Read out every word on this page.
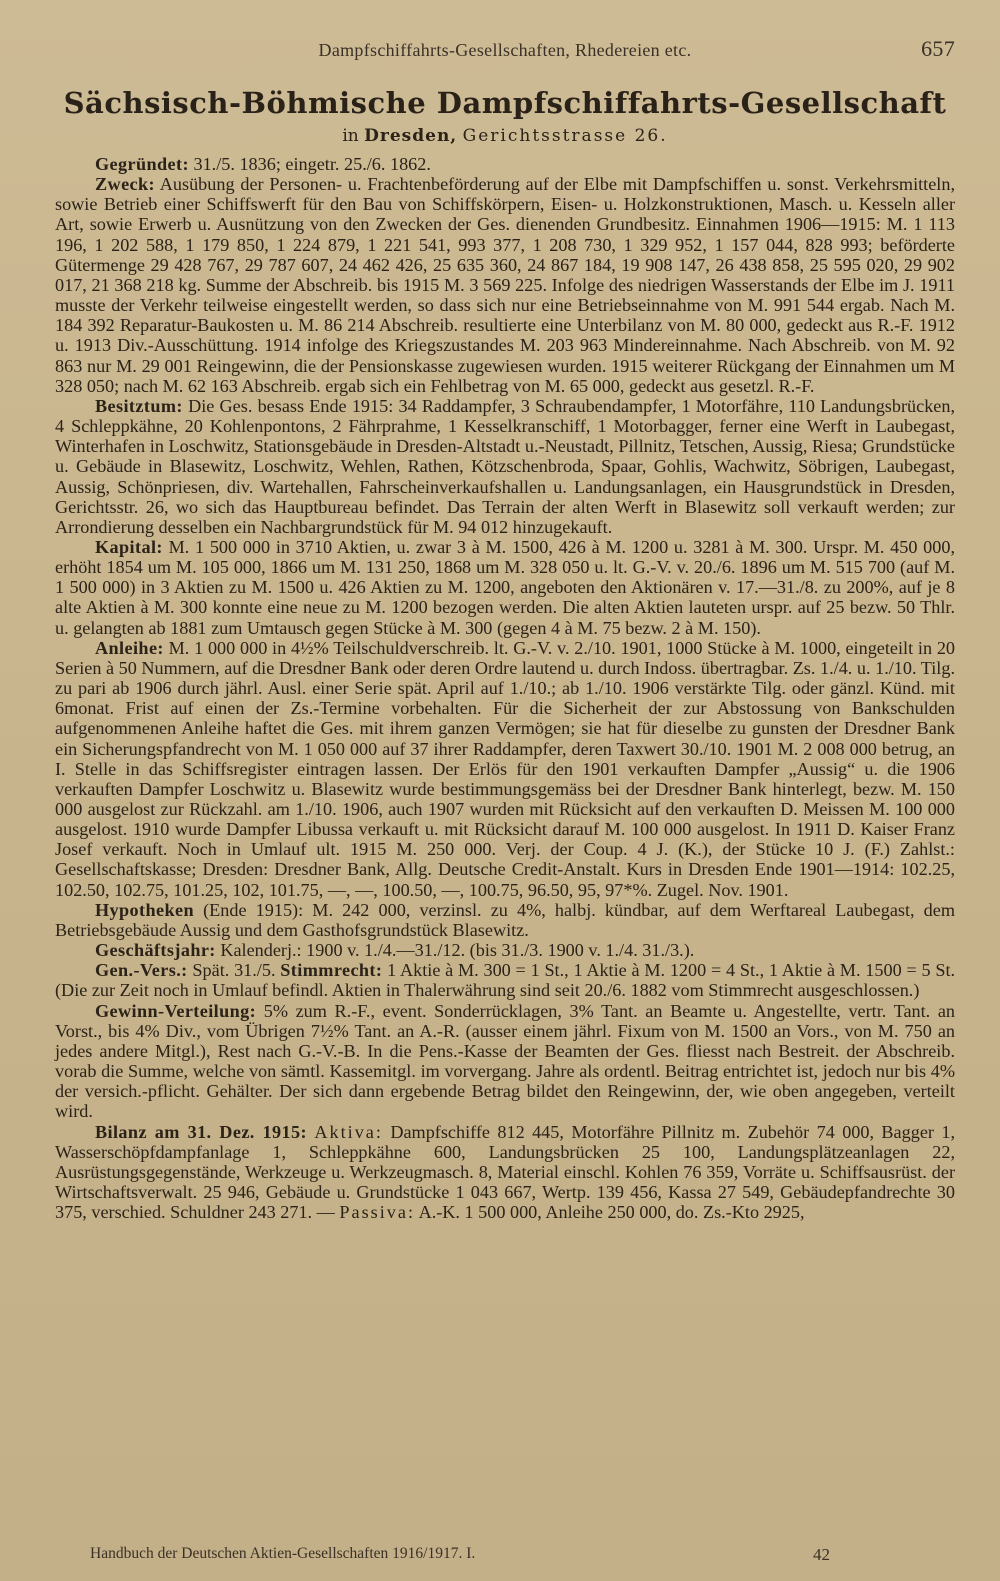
Dampfschiffahrts-Gesellschaften, Rhedereien etc.	657
Sächsisch-Böhmische Dampfschiffahrts-Gesellschaft
in Dresden, Gerichtsstrasse 26.

Gegründet: 31./5. 1836; eingetr. 25./6. 1862.

Zweck: Ausübung der Personen- u. Frachtenbeförderung auf der Elbe mit Dampfschiffen u. sonst. Verkehrsmitteln, sowie Betrieb einer Schiffswerft für den Bau von Schiffskörpern, Eisen- u. Holzkonstruktionen, Masch. u. Kesseln aller Art, sowie Erwerb u. Ausnützung von den Zwecken der Ges. dienenden Grundbesitz. Einnahmen 1906—1915: M. 1 113 196, 1 202 588, 1 179 850, 1 224 879, 1 221 541, 993 377, 1 208 730, 1 329 952, 1 157 044, 828 993; beförderte Gütermenge 29 428 767, 29 787 607, 24 462 426, 25 635 360, 24 867 184, 19 908 147, 26 438 858, 25 595 020, 29 902 017, 21 368 218 kg. Summe der Abschreib. bis 1915 M. 3 569 225. Infolge des niedrigen Wasserstands der Elbe im J. 1911 musste der Verkehr teilweise eingestellt werden, so dass sich nur eine Betriebseinnahme von M. 991 544 ergab. Nach M. 184 392 Reparatur-Baukosten u. M. 86 214 Abschreib. resultierte eine Unterbilanz von M. 80 000, gedeckt aus R.-F. 1912 u. 1913 Div.-Ausschüttung. 1914 infolge des Kriegszustandes M. 203 963 Mindereinnahme. Nach Abschreib. von M. 92 863 nur M. 29 001 Reingewinn, die der Pensionskasse zugewiesen wurden. 1915 weiterer Rückgang der Einnahmen um M 328 050; nach M. 62 163 Abschreib. ergab sich ein Fehlbetrag von M. 65 000, gedeckt aus gesetzl. R.-F.

Besitztum: Die Ges. besass Ende 1915: 34 Raddampfer, 3 Schraubendampfer, 1 Motorfähre, 110 Landungsbrücken, 4 Schleppkähne, 20 Kohlenpontons, 2 Fährprahme, 1 Kesselkranschiff, 1 Motorbagger, ferner eine Werft in Laubegast, Winterhafen in Loschwitz, Stationsgebäude in Dresden-Altstadt u.-Neustadt, Pillnitz, Tetschen, Aussig, Riesa; Grundstücke u. Gebäude in Blasewitz, Loschwitz, Wehlen, Rathen, Kötzschenbroda, Spaar, Gohlis, Wachwitz, Söbrigen, Laubegast, Aussig, Schönpriesen, div. Wartehallen, Fahrscheinverkaufshallen u. Landungsanlagen, ein Hausgrundstück in Dresden, Gerichtsstr. 26, wo sich das Hauptbureau befindet. Das Terrain der alten Werft in Blasewitz soll verkauft werden; zur Arrondierung desselben ein Nachbargrundstück für M. 94 012 hinzugekauft.

Kapital: M. 1 500 000 in 3710 Aktien, u. zwar 3 à M. 1500, 426 à M. 1200 u. 3281 à M. 300. Urspr. M. 450 000, erhöht 1854 um M. 105 000, 1866 um M. 131 250, 1868 um M. 328 050 u. lt. G.-V. v. 20./6. 1896 um M. 515 700 (auf M. 1 500 000) in 3 Aktien zu M. 1500 u. 426 Aktien zu M. 1200, angeboten den Aktionären v. 17.—31./8. zu 200%, auf je 8 alte Aktien à M. 300 konnte eine neue zu M. 1200 bezogen werden. Die alten Aktien lauteten urspr. auf 25 bezw. 50 Thlr. u. gelangten ab 1881 zum Umtausch gegen Stücke à M. 300 (gegen 4 à M. 75 bezw. 2 à M. 150).

Anleihe: M. 1 000 000 in 4½% Teilschuldverschreib. lt. G.-V. v. 2./10. 1901, 1000 Stücke à M. 1000, eingeteilt in 20 Serien à 50 Nummern, auf die Dresdner Bank oder deren Ordre lautend u. durch Indoss. übertragbar. Zs. 1./4. u. 1./10. Tilg. zu pari ab 1906 durch jährl. Ausl. einer Serie spät. April auf 1./10.; ab 1./10. 1906 verstärkte Tilg. oder gänzl. Künd. mit 6monat. Frist auf einen der Zs.-Termine vorbehalten. Für die Sicherheit der zur Abstossung von Bankschulden aufgenommenen Anleihe haftet die Ges. mit ihrem ganzen Vermögen; sie hat für dieselbe zu gunsten der Dresdner Bank ein Sicherungspfandrecht von M. 1 050 000 auf 37 ihrer Raddampfer, deren Taxwert 30./10. 1901 M. 2 008 000 betrug, an I. Stelle in das Schiffsregister eintragen lassen. Der Erlös für den 1901 verkauften Dampfer „Aussig“ u. die 1906 verkauften Dampfer Loschwitz u. Blasewitz wurde bestimmungsgemäss bei der Dresdner Bank hinterlegt, bezw. M. 150 000 ausgelost zur Rückzahl. am 1./10. 1906, auch 1907 wurden mit Rücksicht auf den verkauften D. Meissen M. 100 000 ausgelost. 1910 wurde Dampfer Libussa verkauft u. mit Rücksicht darauf M. 100 000 ausgelost. In 1911 D. Kaiser Franz Josef verkauft. Noch in Umlauf ult. 1915 M. 250 000. Verj. der Coup. 4 J. (K.), der Stücke 10 J. (F.) Zahlst.: Gesellschaftskasse; Dresden: Dresdner Bank, Allg. Deutsche Credit-Anstalt. Kurs in Dresden Ende 1901—1914: 102.25, 102.50, 102.75, 101.25, 102, 101.75, —, —, 100.50, —, 100.75, 96.50, 95, 97*%. Zugel. Nov. 1901.

Hypotheken (Ende 1915): M. 242 000, verzinsl. zu 4%, halbj. kündbar, auf dem Werftareal Laubegast, dem Betriebsgebäude Aussig und dem Gasthofsgrundstück Blasewitz.

Geschäftsjahr: Kalenderj.: 1900 v. 1./4.—31./12. (bis 31./3. 1900 v. 1./4. 31./3.).

Gen.-Vers.: Spät. 31./5. Stimmrecht: 1 Aktie à M. 300 = 1 St., 1 Aktie à M. 1200 = 4 St., 1 Aktie à M. 1500 = 5 St. (Die zur Zeit noch in Umlauf befindl. Aktien in Thalerwährung sind seit 20./6. 1882 vom Stimmrecht ausgeschlossen.)

Gewinn-Verteilung: 5% zum R.-F., event. Sonderrücklagen, 3% Tant. an Beamte u. Angestellte, vertr. Tant. an Vorst., bis 4% Div., vom Übrigen 7½% Tant. an A.-R. (ausser einem jährl. Fixum von M. 1500 an Vors., von M. 750 an jedes andere Mitgl.), Rest nach G.-V.-B. In die Pens.-Kasse der Beamten der Ges. fliesst nach Bestreit. der Abschreib. vorab die Summe, welche von sämtl. Kassemitgl. im vorvergang. Jahre als ordentl. Beitrag entrichtet ist, jedoch nur bis 4% der versich.-pflicht. Gehälter. Der sich dann ergebende Betrag bildet den Reingewinn, der, wie oben angegeben, verteilt wird.

Bilanz am 31. Dez. 1915: Aktiva: Dampfschiffe 812 445, Motorfähre Pillnitz m. Zubehör 74 000, Bagger 1, Wasserschöpfdampfanlage 1, Schleppkähne 600, Landungsbrücken 25 100, Landungsplätzeanlagen 22, Ausrüstungsgegenstände, Werkzeuge u. Werkzeugmasch. 8, Material einschl. Kohlen 76 359, Vorräte u. Schiffsausrüst. der Wirtschaftsverwalt. 25 946, Gebäude u. Grundstücke 1 043 667, Wertp. 139 456, Kassa 27 549, Gebäudepfandrechte 30 375, verschied. Schuldner 243 271. — Passiva: A.-K. 1 500 000, Anleihe 250 000, do. Zs.-Kto 2925,

Handbuch der Deutschen Aktien-Gesellschaften 1916/1917. I.	42
